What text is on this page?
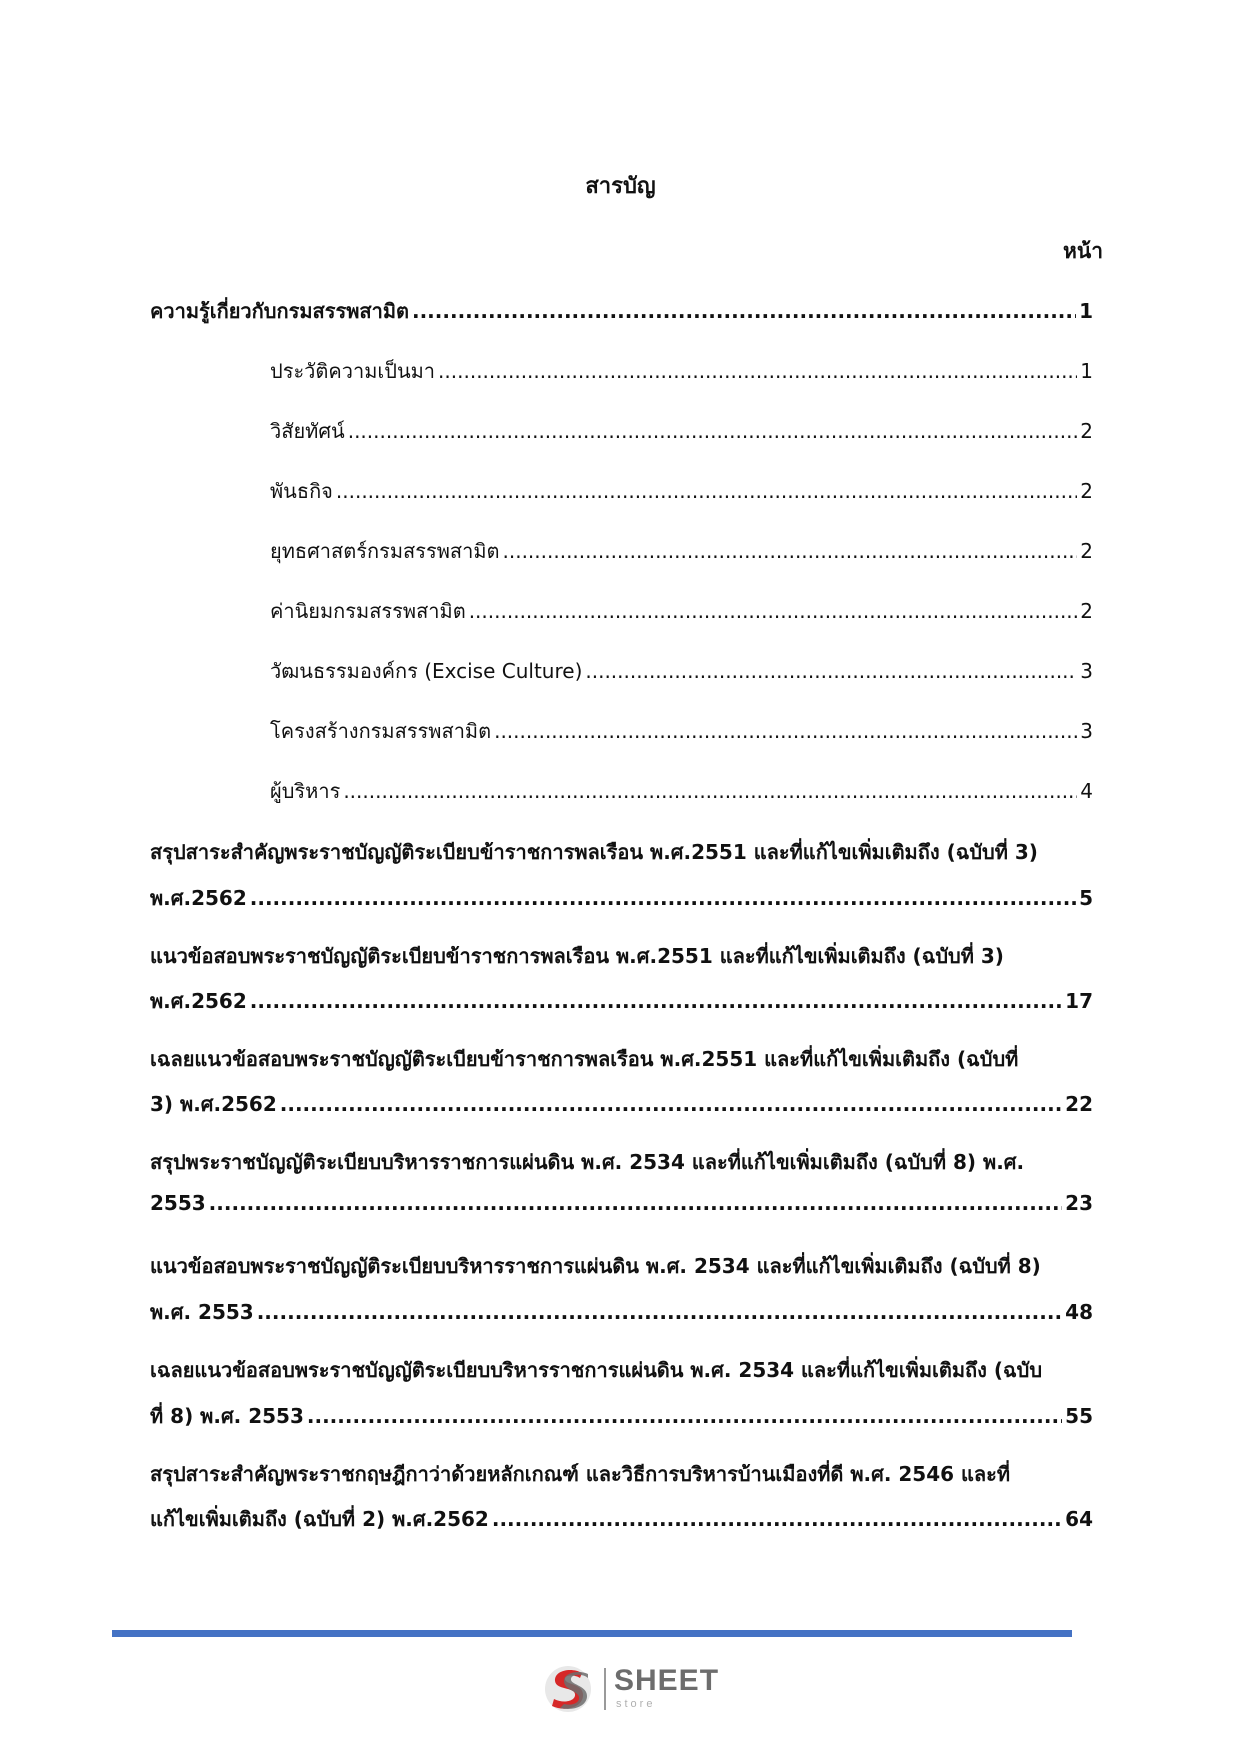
สารบัญ
หน้า
ความรู้เกี่ยวกับกรมสรรพสามิต .....	1
ประวัติความเป็นมา .....	1
วิสัยทัศน์ .....	2
พันธกิจ .....	2
ยุทธศาสตร์กรมสรรพสามิต .....	2
ค่านิยมกรมสรรพสามิต .....	2
วัฒนธรรมองค์กร (Excise Culture) .....	3
โครงสร้างกรมสรรพสามิต .....	3
ผู้บริหาร .....	4
สรุปสาระสำคัญพระราชบัญญัติระเบียบข้าราชการพลเรือน พ.ศ.2551 และที่แก้ไขเพิ่มเติมถึง (ฉบับที่ 3)
พ.ศ.2562 .....	5
แนวข้อสอบพระราชบัญญัติระเบียบข้าราชการพลเรือน พ.ศ.2551 และที่แก้ไขเพิ่มเติมถึง (ฉบับที่ 3)
พ.ศ.2562 .....	17
เฉลยแนวข้อสอบพระราชบัญญัติระเบียบข้าราชการพลเรือน พ.ศ.2551 และที่แก้ไขเพิ่มเติมถึง (ฉบับที่
3) พ.ศ.2562 .....	22
สรุปพระราชบัญญัติระเบียบบริหารราชการแผ่นดิน พ.ศ. 2534 และที่แก้ไขเพิ่มเติมถึง (ฉบับที่ 8) พ.ศ.
2553 .....	23
แนวข้อสอบพระราชบัญญัติระเบียบบริหารราชการแผ่นดิน พ.ศ. 2534 และที่แก้ไขเพิ่มเติมถึง (ฉบับที่ 8)
พ.ศ. 2553 .....	48
เฉลยแนวข้อสอบพระราชบัญญัติระเบียบบริหารราชการแผ่นดิน พ.ศ. 2534 และที่แก้ไขเพิ่มเติมถึง (ฉบับ
ที่ 8) พ.ศ. 2553 .....	55
สรุปสาระสำคัญพระราชกฤษฎีกาว่าด้วยหลักเกณฑ์ และวิธีการบริหารบ้านเมืองที่ดี พ.ศ. 2546 และที่
แก้ไขเพิ่มเติมถึง (ฉบับที่ 2) พ.ศ.2562 .....	64
SHEET
store
